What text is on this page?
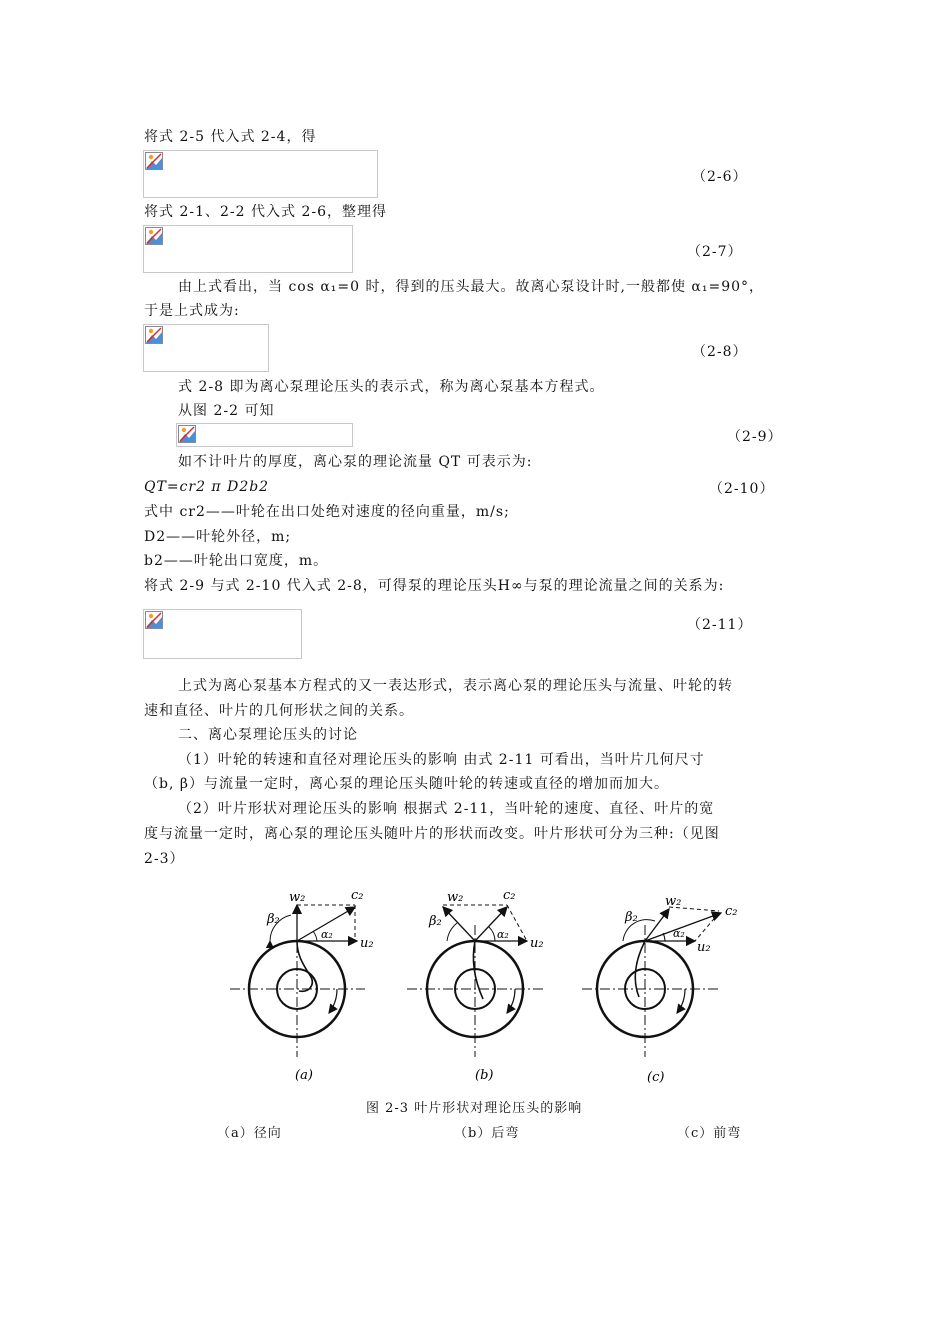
将式 2-5 代入式 2-4，得
（2-6）
将式 2-1、2-2 代入式 2-6，整理得
（2-7）
由上式看出，当 cos α₁=0 时，得到的压头最大。故离心泵设计时,一般都使 α₁=90°，
于是上式成为:
（2-8）
式 2-8 即为离心泵理论压头的表示式，称为离心泵基本方程式。
从图 2-2 可知
（2-9）
如不计叶片的厚度，离心泵的理论流量 QT 可表示为:
QT=cr2 π D2b2	（2-10）
式中 cr2——叶轮在出口处绝对速度的径向重量，m/s;
D2——叶轮外径，m;
b2——叶轮出口宽度，m。
将式 2-9 与式 2-10 代入式 2-8，可得泵的理论压头H∞与泵的理论流量之间的关系为:
（2-11）
上式为离心泵基本方程式的又一表达形式，表示离心泵的理论压头与流量、叶轮的转
速和直径、叶片的几何形状之间的关系。
二、离心泵理论压头的讨论
（1）叶轮的转速和直径对理论压头的影响 由式 2-11 可看出，当叶片几何尺寸
（b, β）与流量一定时，离心泵的理论压头随叶轮的转速或直径的增加而加大。
（2）叶片形状对理论压头的影响 根据式 2-11，当叶轮的速度、直径、叶片的宽
度与流量一定时，离心泵的理论压头随叶片的形状而改变。叶片形状可分为三种:（见图
2-3）
w₂	c₂
β₂
α₂
u₂
(a)
w₂	c₂
β₂
α₂
u₂
(b)
w₂
c₂
β₂
α₂
u₂
(c)
图 2-3 叶片形状对理论压头的影响
（a）径向	（b）后弯	（c）前弯
